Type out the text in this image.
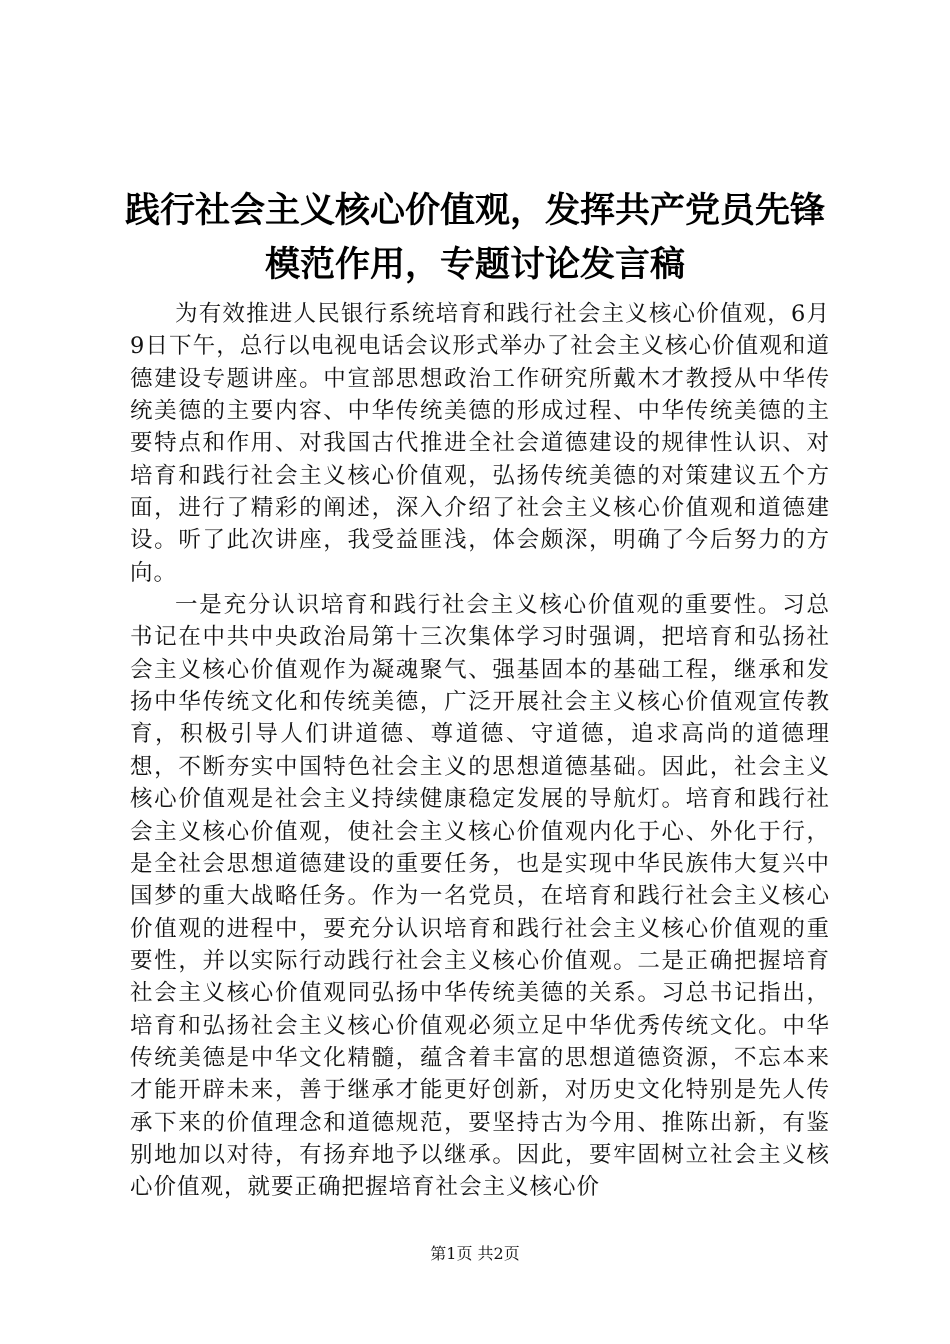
践行社会主义核心价值观，发挥共产党员先锋
模范作用，专题讨论发言稿

为有效推进人民银行系统培育和践行社会主义核心价值观，6月9日下午，总行以电视电话会议形式举办了社会主义核心价值观和道德建设专题讲座。中宣部思想政治工作研究所戴木才教授从中华传统美德的主要内容、中华传统美德的形成过程、中华传统美德的主要特点和作用、对我国古代推进全社会道德建设的规律性认识、对培育和践行社会主义核心价值观，弘扬传统美德的对策建议五个方面，进行了精彩的阐述，深入介绍了社会主义核心价值观和道德建设。听了此次讲座，我受益匪浅，体会颇深，明确了今后努力的方向。

一是充分认识培育和践行社会主义核心价值观的重要性。习总书记在中共中央政治局第十三次集体学习时强调，把培育和弘扬社会主义核心价值观作为凝魂聚气、强基固本的基础工程，继承和发扬中华传统文化和传统美德，广泛开展社会主义核心价值观宣传教育，积极引导人们讲道德、尊道德、守道德，追求高尚的道德理想，不断夯实中国特色社会主义的思想道德基础。因此，社会主义核心价值观是社会主义持续健康稳定发展的导航灯。培育和践行社会主义核心价值观，使社会主义核心价值观内化于心、外化于行，是全社会思想道德建设的重要任务，也是实现中华民族伟大复兴中国梦的重大战略任务。作为一名党员，在培育和践行社会主义核心价值观的进程中，要充分认识培育和践行社会主义核心价值观的重要性，并以实际行动践行社会主义核心价值观。二是正确把握培育社会主义核心价值观同弘扬中华传统美德的关系。习总书记指出，培育和弘扬社会主义核心价值观必须立足中华优秀传统文化。中华传统美德是中华文化精髓，蕴含着丰富的思想道德资源，不忘本来才能开辟未来，善于继承才能更好创新，对历史文化特别是先人传承下来的价值理念和道德规范，要坚持古为今用、推陈出新，有鉴别地加以对待，有扬弃地予以继承。因此，要牢固树立社会主义核心价值观，就要正确把握培育社会主义核心价

第1页 共2页
